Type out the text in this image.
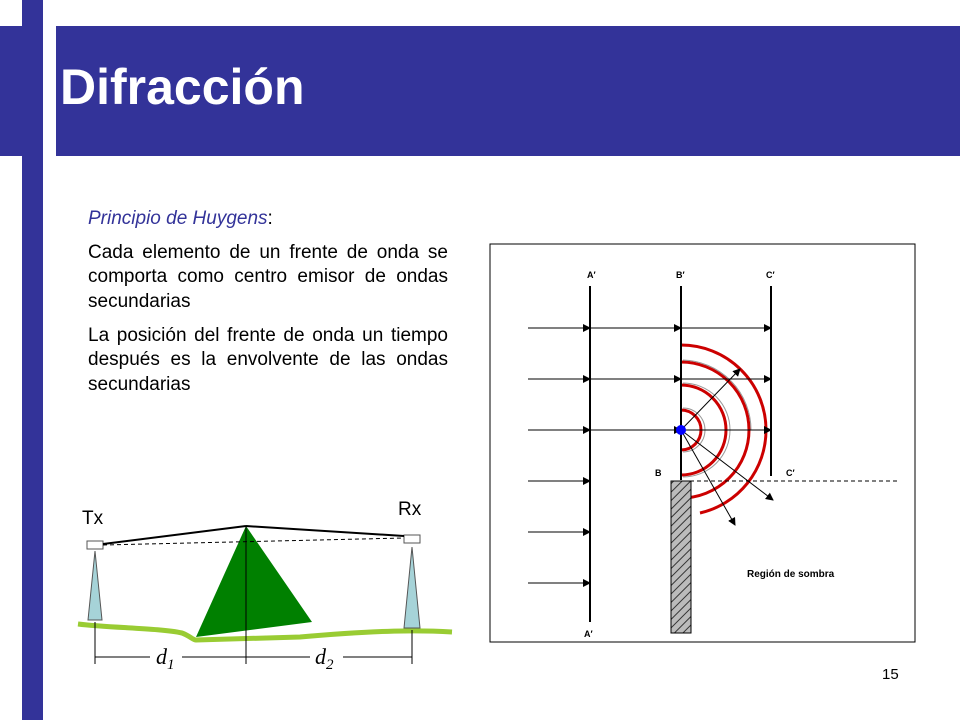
Difracción

Principio de Huygens:

Cada elemento de un frente de onda se comporta como centro emisor de ondas secundarias

La posición del frente de onda un tiempo después es la envolvente de las ondas secundarias

Tx	Rx
$d_1$	$d_2$
A′	B′	C′
B	C′
A′
Región de sombra
15
